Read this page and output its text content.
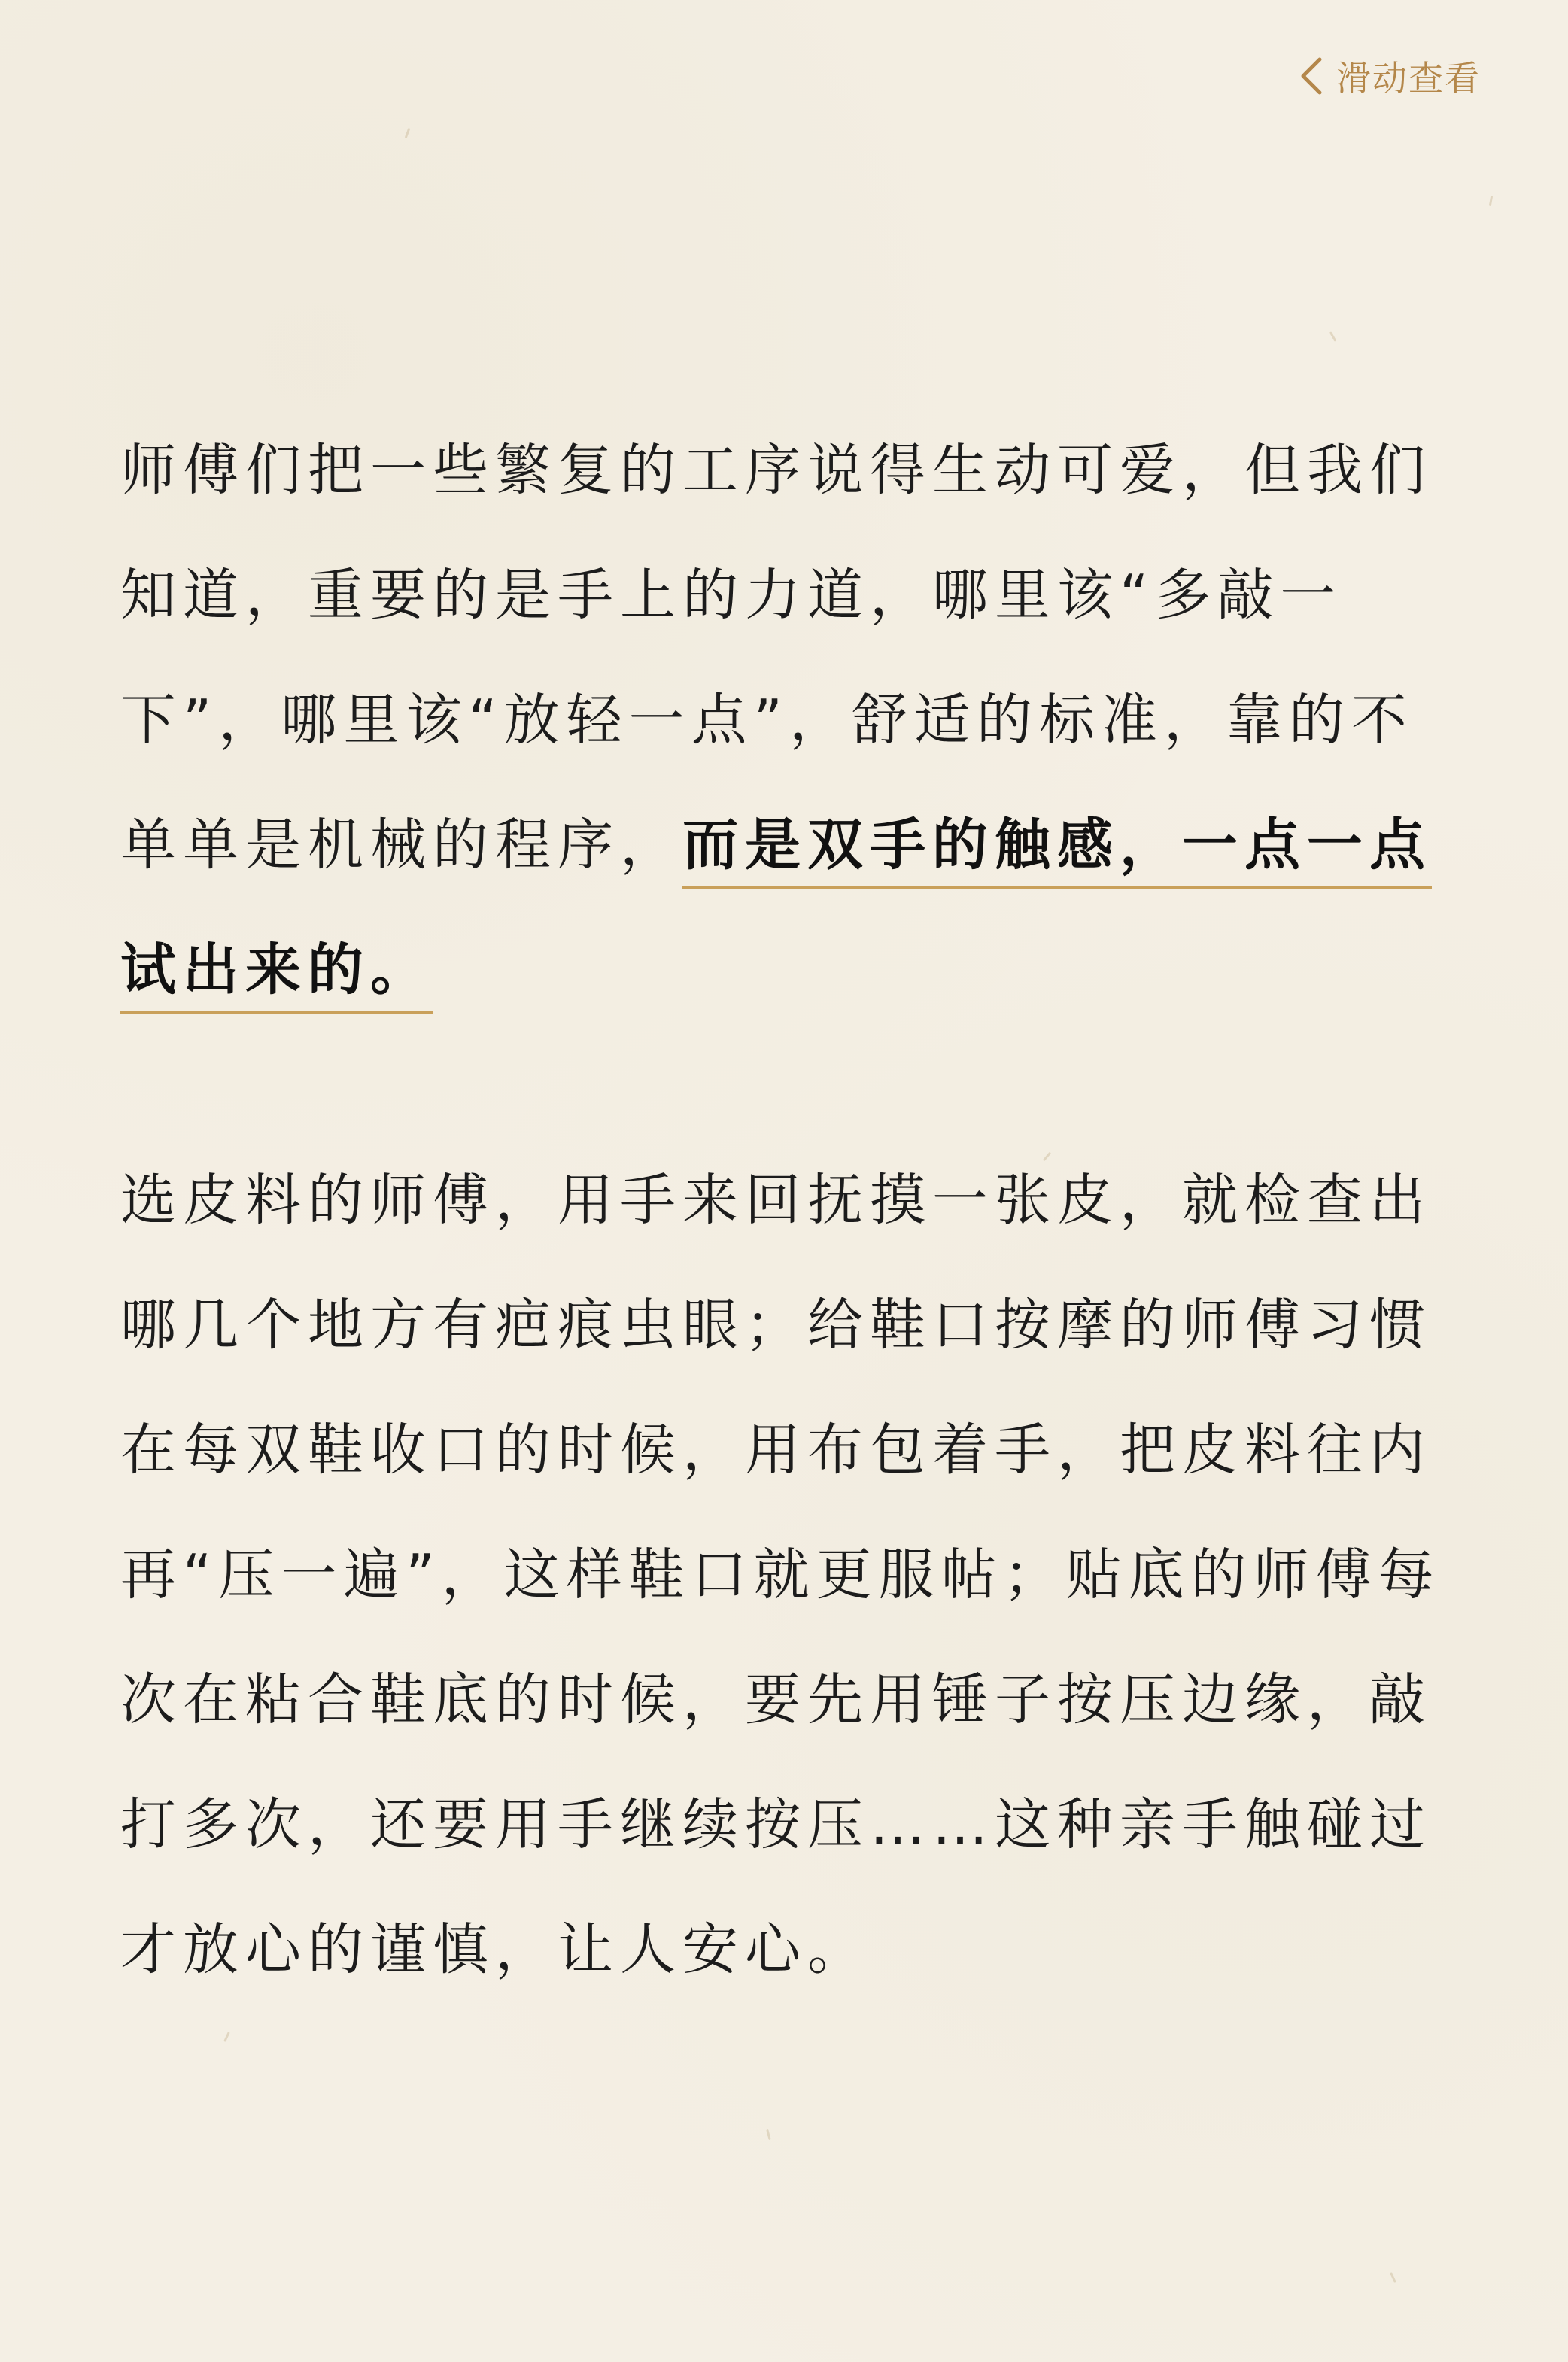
滑动查看

师傅们把一些繁复的工序说得生动可爱，但我们知道，重要的是手上的力道，哪里该“多敲一下”，哪里该“放轻一点”，舒适的标准，靠的不单单是机械的程序，而是双手的触感，一点一点试出来的。

选皮料的师傅，用手来回抚摸一张皮，就检查出哪几个地方有疤痕虫眼；给鞋口按摩的师傅习惯在每双鞋收口的时候，用布包着手，把皮料往内再“压一遍”，这样鞋口就更服帖；贴底的师傅每次在粘合鞋底的时候，要先用锤子按压边缘，敲打多次，还要用手继续按压……这种亲手触碰过才放心的谨慎，让人安心。
